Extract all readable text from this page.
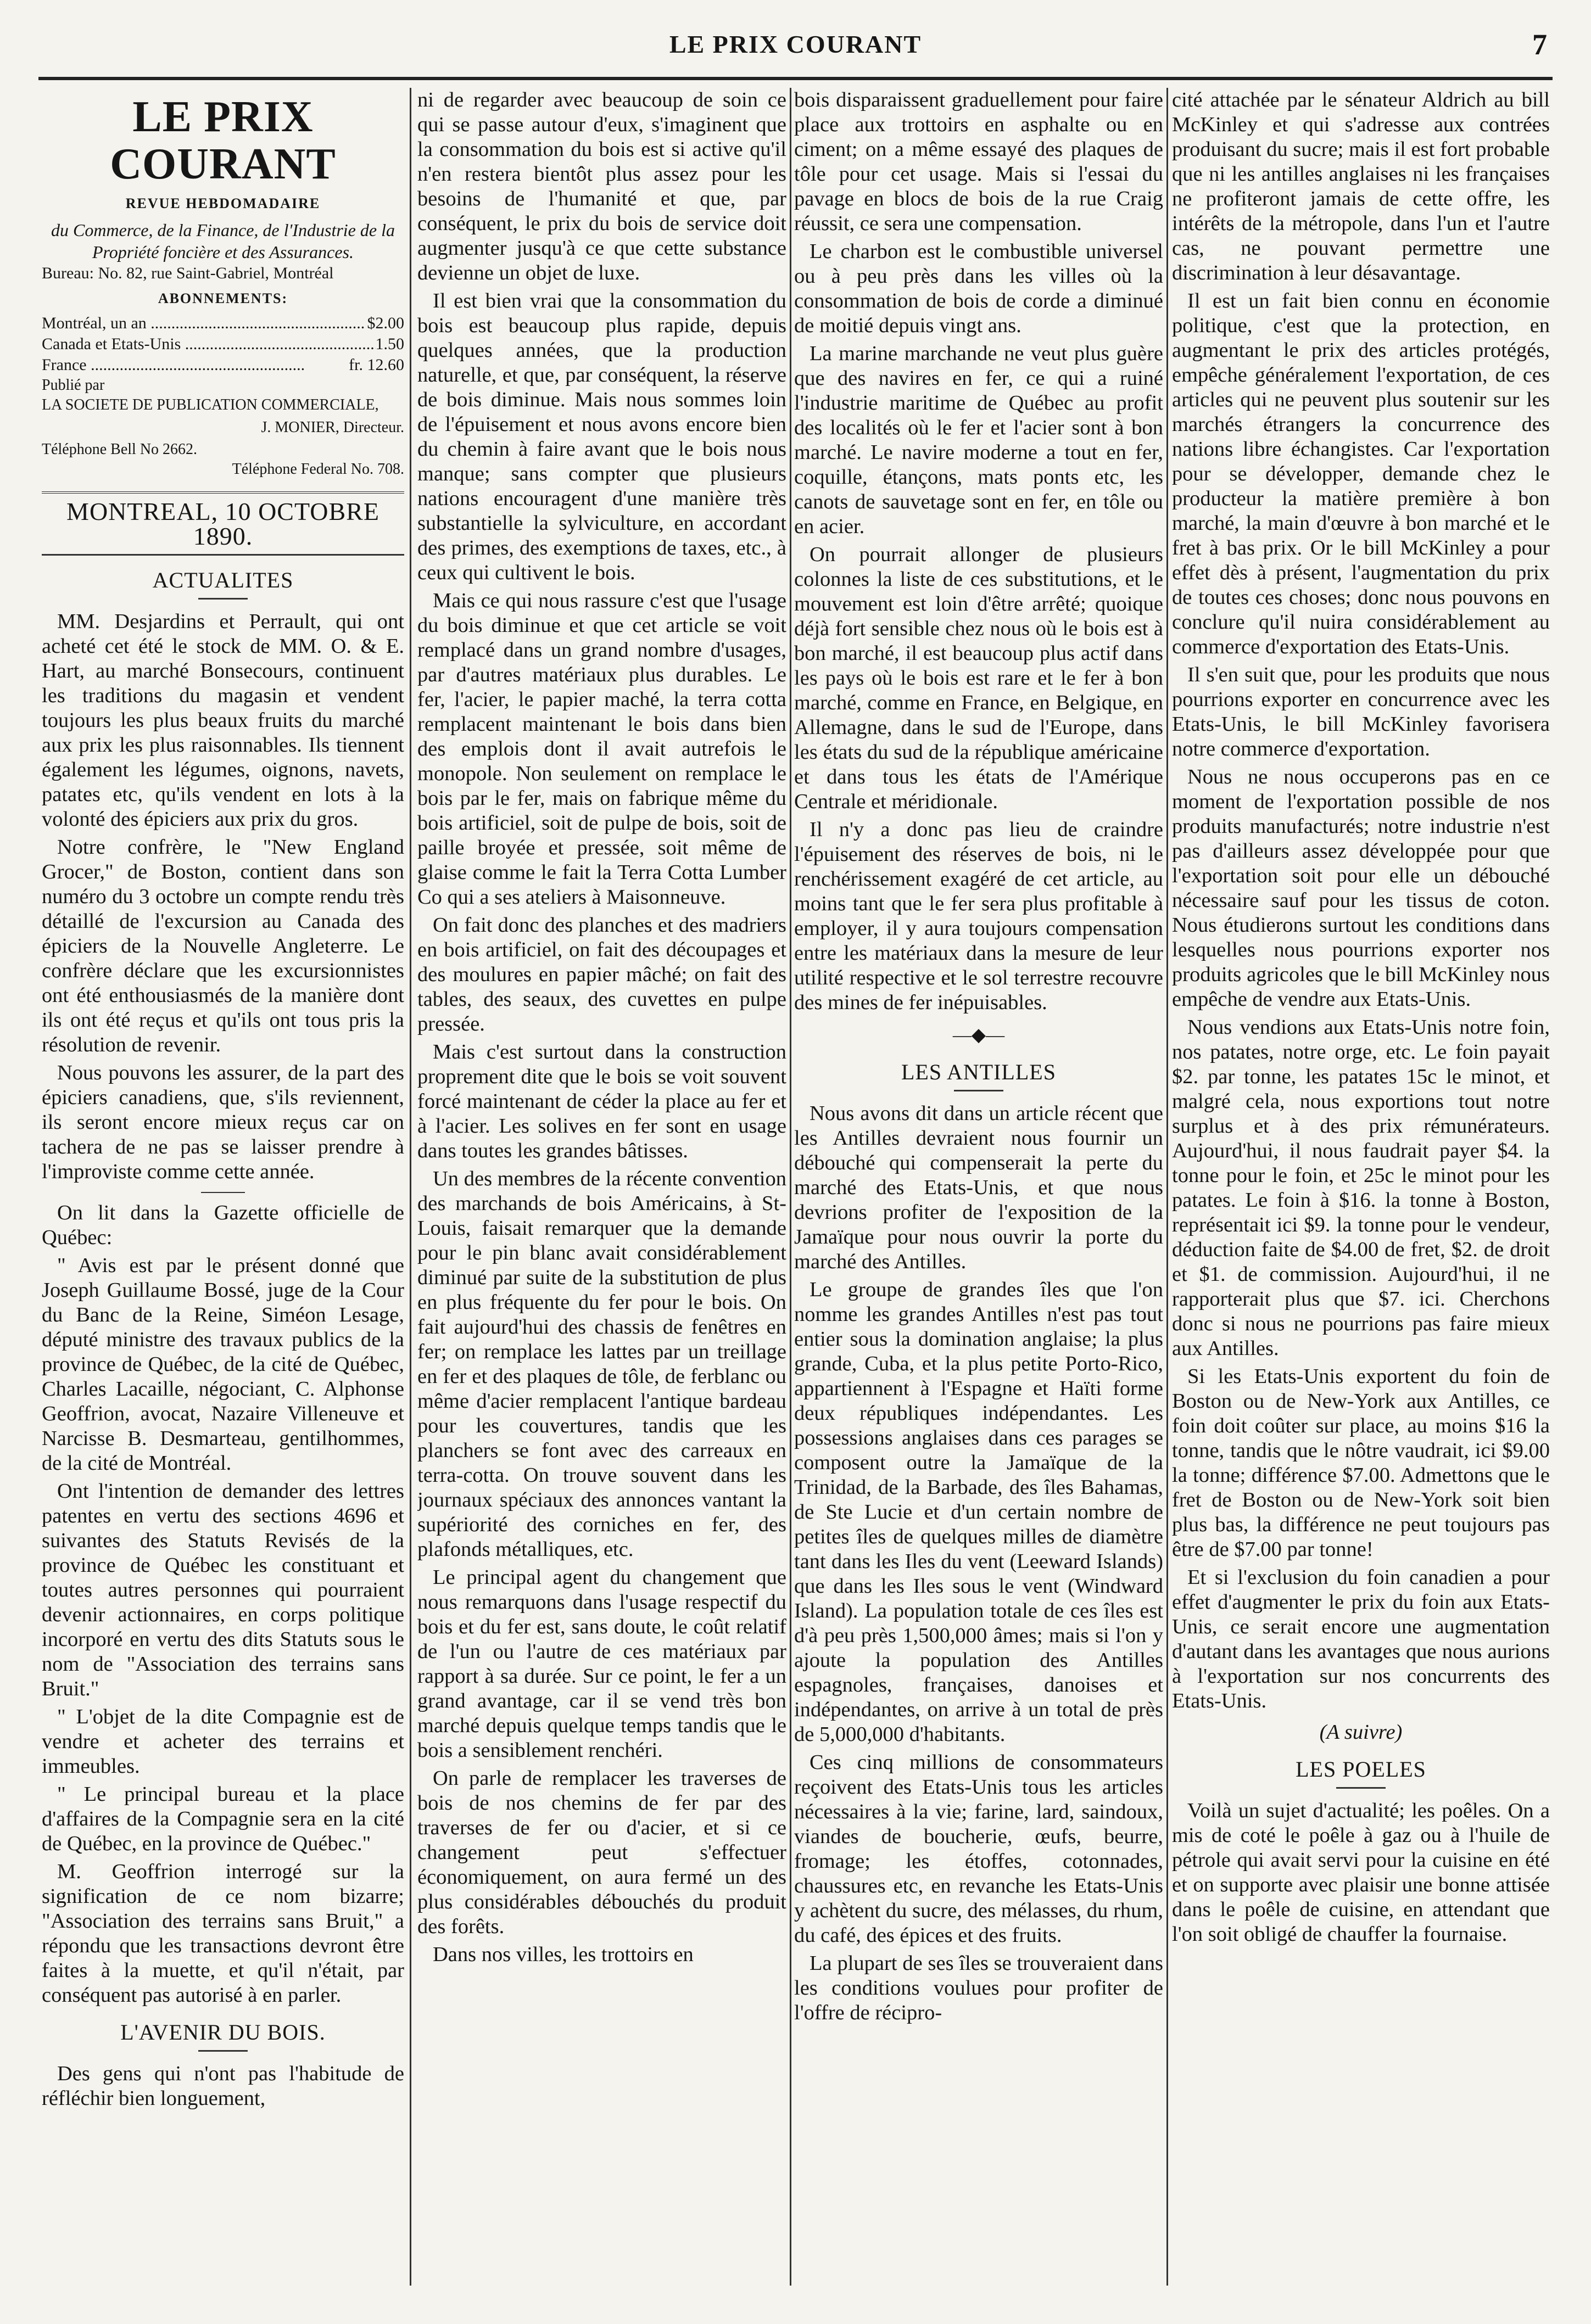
LE PRIX COURANT	7
LE PRIX COURANT
REVUE HEBDOMADAIRE
du Commerce, de la Finance, de l'Industrie de la Propriété foncière et des Assurances.
Bureau: No. 82, rue Saint-Gabriel, Montréal
ABONNEMENTS:
Montréal, un an .....	$2.00
Canada et Etats-Unis .....	1.50
France .....	fr. 12.60
Publié par
LA SOCIETE DE PUBLICATION COMMERCIALE,
J. MONIER, Directeur.
Téléphone Bell No 2662.
Téléphone Federal No. 708.
MONTREAL, 10 OCTOBRE 1890.
ACTUALITES

MM. Desjardins et Perrault, qui ont acheté cet été le stock de MM. O. & E. Hart, au marché Bonsecours, continuent les traditions du magasin et vendent toujours les plus beaux fruits du marché aux prix les plus raisonnables. Ils tiennent également les légumes, oignons, navets, patates etc, qu'ils vendent en lots à la volonté des épiciers aux prix du gros.

Notre confrère, le "New England Grocer," de Boston, contient dans son numéro du 3 octobre un compte rendu très détaillé de l'excursion au Canada des épiciers de la Nouvelle Angleterre. Le confrère déclare que les excursionnistes ont été enthousiasmés de la manière dont ils ont été reçus et qu'ils ont tous pris la résolution de revenir.

Nous pouvons les assurer, de la part des épiciers canadiens, que, s'ils reviennent, ils seront encore mieux reçus car on tachera de ne pas se laisser prendre à l'improviste comme cette année.

On lit dans la Gazette officielle de Québec:

" Avis est par le présent donné que Joseph Guillaume Bossé, juge de la Cour du Banc de la Reine, Siméon Lesage, député ministre des travaux publics de la province de Québec, de la cité de Québec, Charles Lacaille, négociant, C. Alphonse Geoffrion, avocat, Nazaire Villeneuve et Narcisse B. Desmarteau, gentilhommes, de la cité de Montréal.

Ont l'intention de demander des lettres patentes en vertu des sections 4696 et suivantes des Statuts Revisés de la province de Québec les constituant et toutes autres personnes qui pourraient devenir actionnaires, en corps politique incorporé en vertu des dits Statuts sous le nom de "Association des terrains sans Bruit."

" L'objet de la dite Compagnie est de vendre et acheter des terrains et immeubles.

" Le principal bureau et la place d'affaires de la Compagnie sera en la cité de Québec, en la province de Québec."

M. Geoffrion interrogé sur la signification de ce nom bizarre; "Association des terrains sans Bruit," a répondu que les transactions devront être faites à la muette, et qu'il n'était, par conséquent pas autorisé à en parler.

L'AVENIR DU BOIS.

Des gens qui n'ont pas l'habitude de réfléchir bien longuement,

ni de regarder avec beaucoup de soin ce qui se passe autour d'eux, s'imaginent que la consommation du bois est si active qu'il n'en restera bientôt plus assez pour les besoins de l'humanité et que, par conséquent, le prix du bois de service doit augmenter jusqu'à ce que cette substance devienne un objet de luxe.

Il est bien vrai que la consommation du bois est beaucoup plus rapide, depuis quelques années, que la production naturelle, et que, par conséquent, la réserve de bois diminue. Mais nous sommes loin de l'épuisement et nous avons encore bien du chemin à faire avant que le bois nous manque; sans compter que plusieurs nations encouragent d'une manière très substantielle la sylviculture, en accordant des primes, des exemptions de taxes, etc., à ceux qui cultivent le bois.

Mais ce qui nous rassure c'est que l'usage du bois diminue et que cet article se voit remplacé dans un grand nombre d'usages, par d'autres matériaux plus durables. Le fer, l'acier, le papier maché, la terra cotta remplacent maintenant le bois dans bien des emplois dont il avait autrefois le monopole. Non seulement on remplace le bois par le fer, mais on fabrique même du bois artificiel, soit de pulpe de bois, soit de paille broyée et pressée, soit même de glaise comme le fait la Terra Cotta Lumber Co qui a ses ateliers à Maisonneuve.

On fait donc des planches et des madriers en bois artificiel, on fait des découpages et des moulures en papier mâché; on fait des tables, des seaux, des cuvettes en pulpe pressée.

Mais c'est surtout dans la construction proprement dite que le bois se voit souvent forcé maintenant de céder la place au fer et à l'acier. Les solives en fer sont en usage dans toutes les grandes bâtisses.

Un des membres de la récente convention des marchands de bois Américains, à St-Louis, faisait remarquer que la demande pour le pin blanc avait considérablement diminué par suite de la substitution de plus en plus fréquente du fer pour le bois. On fait aujourd'hui des chassis de fenêtres en fer; on remplace les lattes par un treillage en fer et des plaques de tôle, de ferblanc ou même d'acier remplacent l'antique bardeau pour les couvertures, tandis que les planchers se font avec des carreaux en terra-cotta. On trouve souvent dans les journaux spéciaux des annonces vantant la supériorité des corniches en fer, des plafonds métalliques, etc.

Le principal agent du changement que nous remarquons dans l'usage respectif du bois et du fer est, sans doute, le coût relatif de l'un ou l'autre de ces matériaux par rapport à sa durée. Sur ce point, le fer a un grand avantage, car il se vend très bon marché depuis quelque temps tandis que le bois a sensiblement renchéri.

On parle de remplacer les traverses de bois de nos chemins de fer par des traverses de fer ou d'acier, et si ce changement peut s'effectuer économiquement, on aura fermé un des plus considérables débouchés du produit des forêts.

Dans nos villes, les trottoirs en

bois disparaissent graduellement pour faire place aux trottoirs en asphalte ou en ciment; on a même essayé des plaques de tôle pour cet usage. Mais si l'essai du pavage en blocs de bois de la rue Craig réussit, ce sera une compensation.

Le charbon est le combustible universel ou à peu près dans les villes où la consommation de bois de corde a diminué de moitié depuis vingt ans.

La marine marchande ne veut plus guère que des navires en fer, ce qui a ruiné l'industrie maritime de Québec au profit des localités où le fer et l'acier sont à bon marché. Le navire moderne a tout en fer, coquille, étançons, mats ponts etc, les canots de sauvetage sont en fer, en tôle ou en acier.

On pourrait allonger de plusieurs colonnes la liste de ces substitutions, et le mouvement est loin d'être arrêté; quoique déjà fort sensible chez nous où le bois est à bon marché, il est beaucoup plus actif dans les pays où le bois est rare et le fer à bon marché, comme en France, en Belgique, en Allemagne, dans le sud de l'Europe, dans les états du sud de la république américaine et dans tous les états de l'Amérique Centrale et méridionale.

Il n'y a donc pas lieu de craindre l'épuisement des réserves de bois, ni le renchérissement exagéré de cet article, au moins tant que le fer sera plus profitable à employer, il y aura toujours compensation entre les matériaux dans la mesure de leur utilité respective et le sol terrestre recouvre des mines de fer inépuisables.

—◆—
LES ANTILLES

Nous avons dit dans un article récent que les Antilles devraient nous fournir un débouché qui compenserait la perte du marché des Etats-Unis, et que nous devrions profiter de l'exposition de la Jamaïque pour nous ouvrir la porte du marché des Antilles.

Le groupe de grandes îles que l'on nomme les grandes Antilles n'est pas tout entier sous la domination anglaise; la plus grande, Cuba, et la plus petite Porto-Rico, appartiennent à l'Espagne et Haïti forme deux républiques indépendantes. Les possessions anglaises dans ces parages se composent outre la Jamaïque de la Trinidad, de la Barbade, des îles Bahamas, de Ste Lucie et d'un certain nombre de petites îles de quelques milles de diamètre tant dans les Iles du vent (Leeward Islands) que dans les Iles sous le vent (Windward Island). La population totale de ces îles est d'à peu près 1,500,000 âmes; mais si l'on y ajoute la population des Antilles espagnoles, françaises, danoises et indépendantes, on arrive à un total de près de 5,000,000 d'habitants.

Ces cinq millions de consommateurs reçoivent des Etats-Unis tous les articles nécessaires à la vie; farine, lard, saindoux, viandes de boucherie, œufs, beurre, fromage; les étoffes, cotonnades, chaussures etc, en revanche les Etats-Unis y achètent du sucre, des mélasses, du rhum, du café, des épices et des fruits.

La plupart de ses îles se trouveraient dans les conditions voulues pour profiter de l'offre de récipro-

cité attachée par le sénateur Aldrich au bill McKinley et qui s'adresse aux contrées produisant du sucre; mais il est fort probable que ni les antilles anglaises ni les françaises ne profiteront jamais de cette offre, les intérêts de la métropole, dans l'un et l'autre cas, ne pouvant permettre une discrimination à leur désavantage.

Il est un fait bien connu en économie politique, c'est que la protection, en augmentant le prix des articles protégés, empêche généralement l'exportation, de ces articles qui ne peuvent plus soutenir sur les marchés étrangers la concurrence des nations libre échangistes. Car l'exportation pour se développer, demande chez le producteur la matière première à bon marché, la main d'œuvre à bon marché et le fret à bas prix. Or le bill McKinley a pour effet dès à présent, l'augmentation du prix de toutes ces choses; donc nous pouvons en conclure qu'il nuira considérablement au commerce d'exportation des Etats-Unis.

Il s'en suit que, pour les produits que nous pourrions exporter en concurrence avec les Etats-Unis, le bill McKinley favorisera notre commerce d'exportation.

Nous ne nous occuperons pas en ce moment de l'exportation possible de nos produits manufacturés; notre industrie n'est pas d'ailleurs assez développée pour que l'exportation soit pour elle un débouché nécessaire sauf pour les tissus de coton. Nous étudierons surtout les conditions dans lesquelles nous pourrions exporter nos produits agricoles que le bill McKinley nous empêche de vendre aux Etats-Unis.

Nous vendions aux Etats-Unis notre foin, nos patates, notre orge, etc. Le foin payait $2. par tonne, les patates 15c le minot, et malgré cela, nous exportions tout notre surplus et à des prix rémunérateurs. Aujourd'hui, il nous faudrait payer $4. la tonne pour le foin, et 25c le minot pour les patates. Le foin à $16. la tonne à Boston, représentait ici $9. la tonne pour le vendeur, déduction faite de $4.00 de fret, $2. de droit et $1. de commission. Aujourd'hui, il ne rapporterait plus que $7. ici. Cherchons donc si nous ne pourrions pas faire mieux aux Antilles.

Si les Etats-Unis exportent du foin de Boston ou de New-York aux Antilles, ce foin doit coûter sur place, au moins $16 la tonne, tandis que le nôtre vaudrait, ici $9.00 la tonne; différence $7.00. Admettons que le fret de Boston ou de New-York soit bien plus bas, la différence ne peut toujours pas être de $7.00 par tonne!

Et si l'exclusion du foin canadien a pour effet d'augmenter le prix du foin aux Etats-Unis, ce serait encore une augmentation d'autant dans les avantages que nous aurions à l'exportation sur nos concurrents des Etats-Unis.

(A suivre)
LES POELES

Voilà un sujet d'actualité; les poêles. On a mis de coté le poêle à gaz ou à l'huile de pétrole qui avait servi pour la cuisine en été et on supporte avec plaisir une bonne attisée dans le poêle de cuisine, en attendant que l'on soit obligé de chauffer la fournaise.
